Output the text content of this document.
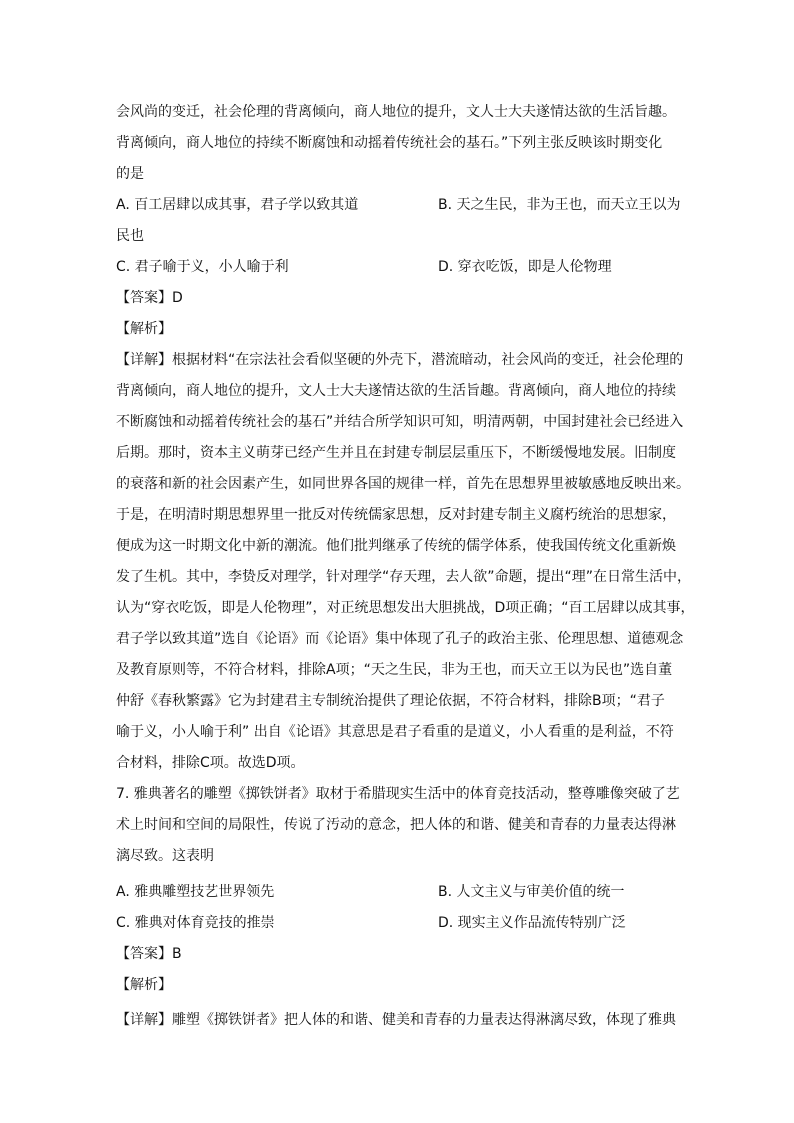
会风尚的变迁，社会伦理的背离倾向，商人地位的提升，文人士大夫遂情达欲的生活旨趣。
背离倾向，商人地位的持续不断腐蚀和动摇着传统社会的基石。”下列主张反映该时期变化
的是
A. 百工居肆以成其事，君子学以致其道	B. 天之生民，非为王也，而天立王以为
民也
C. 君子喻于义，小人喻于利	D. 穿衣吃饭，即是人伦物理
【答案】D
【解析】
【详解】根据材料“在宗法社会看似坚硬的外壳下，潜流暗动，社会风尚的变迁，社会伦理的
背离倾向，商人地位的提升，文人士大夫遂情达欲的生活旨趣。背离倾向，商人地位的持续
不断腐蚀和动摇着传统社会的基石”并结合所学知识可知，明清两朝，中国封建社会已经进入
后期。那时，资本主义萌芽已经产生并且在封建专制层层重压下，不断缓慢地发展。旧制度
的衰落和新的社会因素产生，如同世界各国的规律一样，首先在思想界里被敏感地反映出来。
于是，在明清时期思想界里一批反对传统儒家思想，反对封建专制主义腐朽统治的思想家，
便成为这一时期文化中新的潮流。他们批判继承了传统的儒学体系，使我国传统文化重新焕
发了生机。其中，李贽反对理学，针对理学“存天理，去人欲”命题，提出“理”在日常生活中，
认为“穿衣吃饭，即是人伦物理”，对正统思想发出大胆挑战，D项正确；“百工居肆以成其事，
君子学以致其道”选自《论语》而《论语》集中体现了孔子的政治主张、伦理思想、道德观念
及教育原则等，不符合材料，排除A项；“天之生民，非为王也，而天立王以为民也”选自董
仲舒《春秋繁露》它为封建君主专制统治提供了理论依据，不符合材料，排除B项；“君子
喻于义，小人喻于利” 出自《论语》其意思是君子看重的是道义，小人看重的是利益，不符
合材料，排除C项。故选D项。
7. 雅典著名的雕塑《掷铁饼者》取材于希腊现实生活中的体育竞技活动，整尊雕像突破了艺
术上时间和空间的局限性，传说了汚动的意念，把人体的和谐、健美和青春的力量表达得淋
漓尽致。这表明
A. 雅典雕塑技艺世界领先	B. 人文主义与审美价值的统一
C. 雅典对体育竞技的推崇	D. 现实主义作品流传特别广泛
【答案】B
【解析】
【详解】雕塑《掷铁饼者》把人体的和谐、健美和青春的力量表达得淋漓尽致，体现了雅典
